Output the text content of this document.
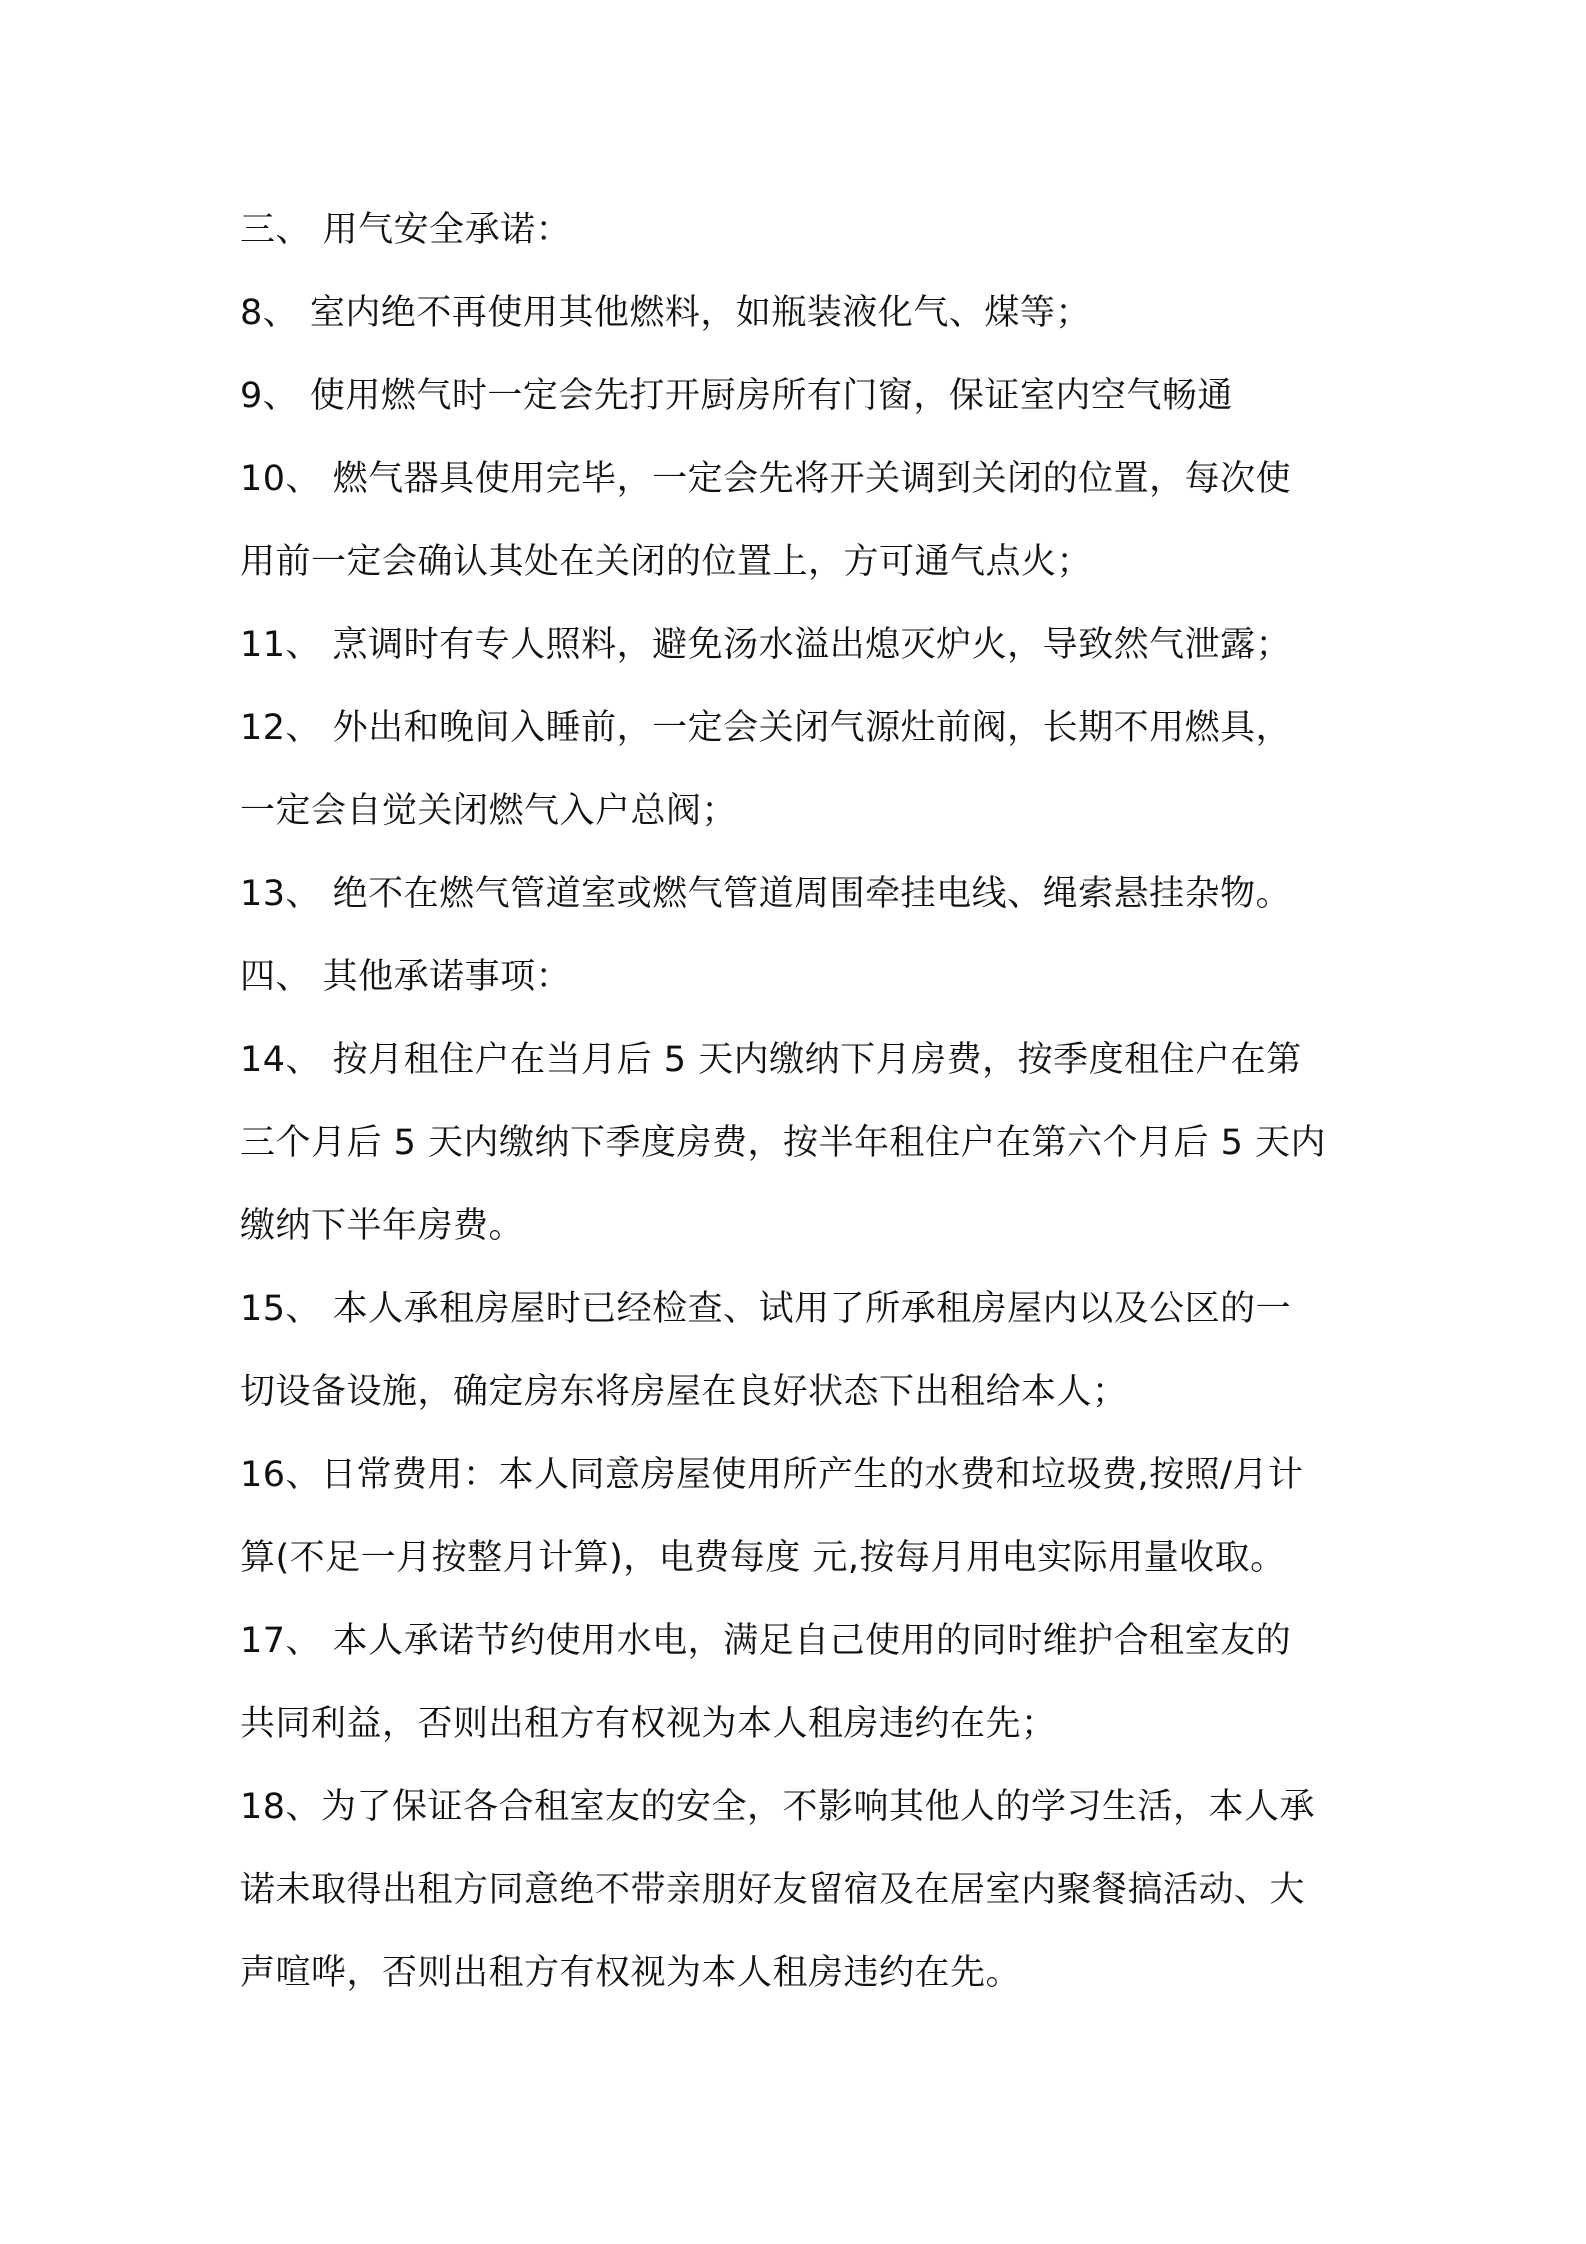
三、 用气安全承诺：
8、 室内绝不再使用其他燃料，如瓶装液化气、煤等；
9、 使用燃气时一定会先打开厨房所有门窗，保证室内空气畅通
10、 燃气器具使用完毕，一定会先将开关调到关闭的位置，每次使
用前一定会确认其处在关闭的位置上，方可通气点火；
11、 烹调时有专人照料，避免汤水溢出熄灭炉火，导致然气泄露；
12、 外出和晚间入睡前，一定会关闭气源灶前阀，长期不用燃具，
一定会自觉关闭燃气入户总阀；
13、 绝不在燃气管道室或燃气管道周围牵挂电线、绳索悬挂杂物。
四、 其他承诺事项：
14、 按月租住户在当月后 5 天内缴纳下月房费，按季度租住户在第
三个月后 5 天内缴纳下季度房费，按半年租住户在第六个月后 5 天内
缴纳下半年房费。
15、 本人承租房屋时已经检查、试用了所承租房屋内以及公区的一
切设备设施，确定房东将房屋在良好状态下出租给本人；
16、日常费用：本人同意房屋使用所产生的水费和垃圾费,按照/月计
算(不足一月按整月计算)，电费每度 元,按每月用电实际用量收取。
17、 本人承诺节约使用水电，满足自己使用的同时维护合租室友的
共同利益，否则出租方有权视为本人租房违约在先；
18、为了保证各合租室友的安全，不影响其他人的学习生活，本人承
诺未取得出租方同意绝不带亲朋好友留宿及在居室内聚餐搞活动、大
声喧哗，否则出租方有权视为本人租房违约在先。
